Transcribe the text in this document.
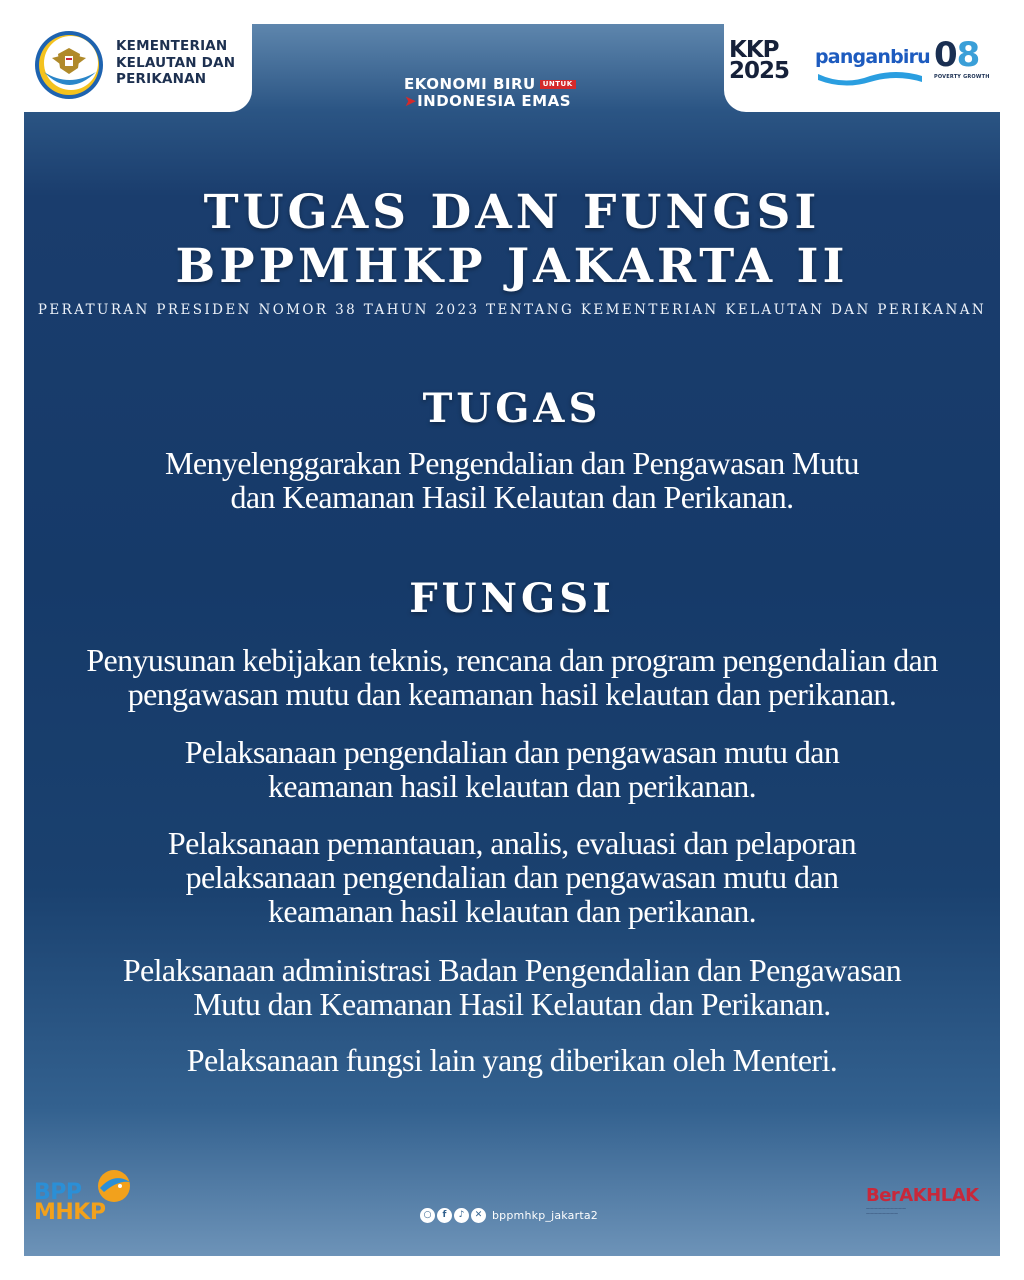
KEMENTERIAN
KELAUTAN DAN
PERIKANAN	EKONOMI BIRU UNTUK
➤INDONESIA EMAS
KKP
2025
panganbiru 08
POVERTY GROWTH
TUGAS DAN FUNGSI
BPPMHKP JAKARTA II
PERATURAN PRESIDEN NOMOR 38 TAHUN 2023 TENTANG KEMENTERIAN KELAUTAN DAN PERIKANAN
TUGAS
Menyelenggarakan Pengendalian dan Pengawasan Mutu
dan Keamanan Hasil Kelautan dan Perikanan.
FUNGSI
Penyusunan kebijakan teknis, rencana dan program pengendalian dan
pengawasan mutu dan keamanan hasil kelautan dan perikanan.
Pelaksanaan pengendalian dan pengawasan mutu dan
keamanan hasil kelautan dan perikanan.
Pelaksanaan pemantauan, analis, evaluasi dan pelaporan
pelaksanaan pengendalian dan pengawasan mutu dan
keamanan hasil kelautan dan perikanan.
Pelaksanaan administrasi Badan Pengendalian dan Pengawasan
Mutu dan Keamanan Hasil Kelautan dan Perikanan.
Pelaksanaan fungsi lain yang diberikan oleh Menteri.
BPP
MHKP	○	f	♪	✕ bppmhkp_jakarta2
BerAKHLAK
——————————
————————
